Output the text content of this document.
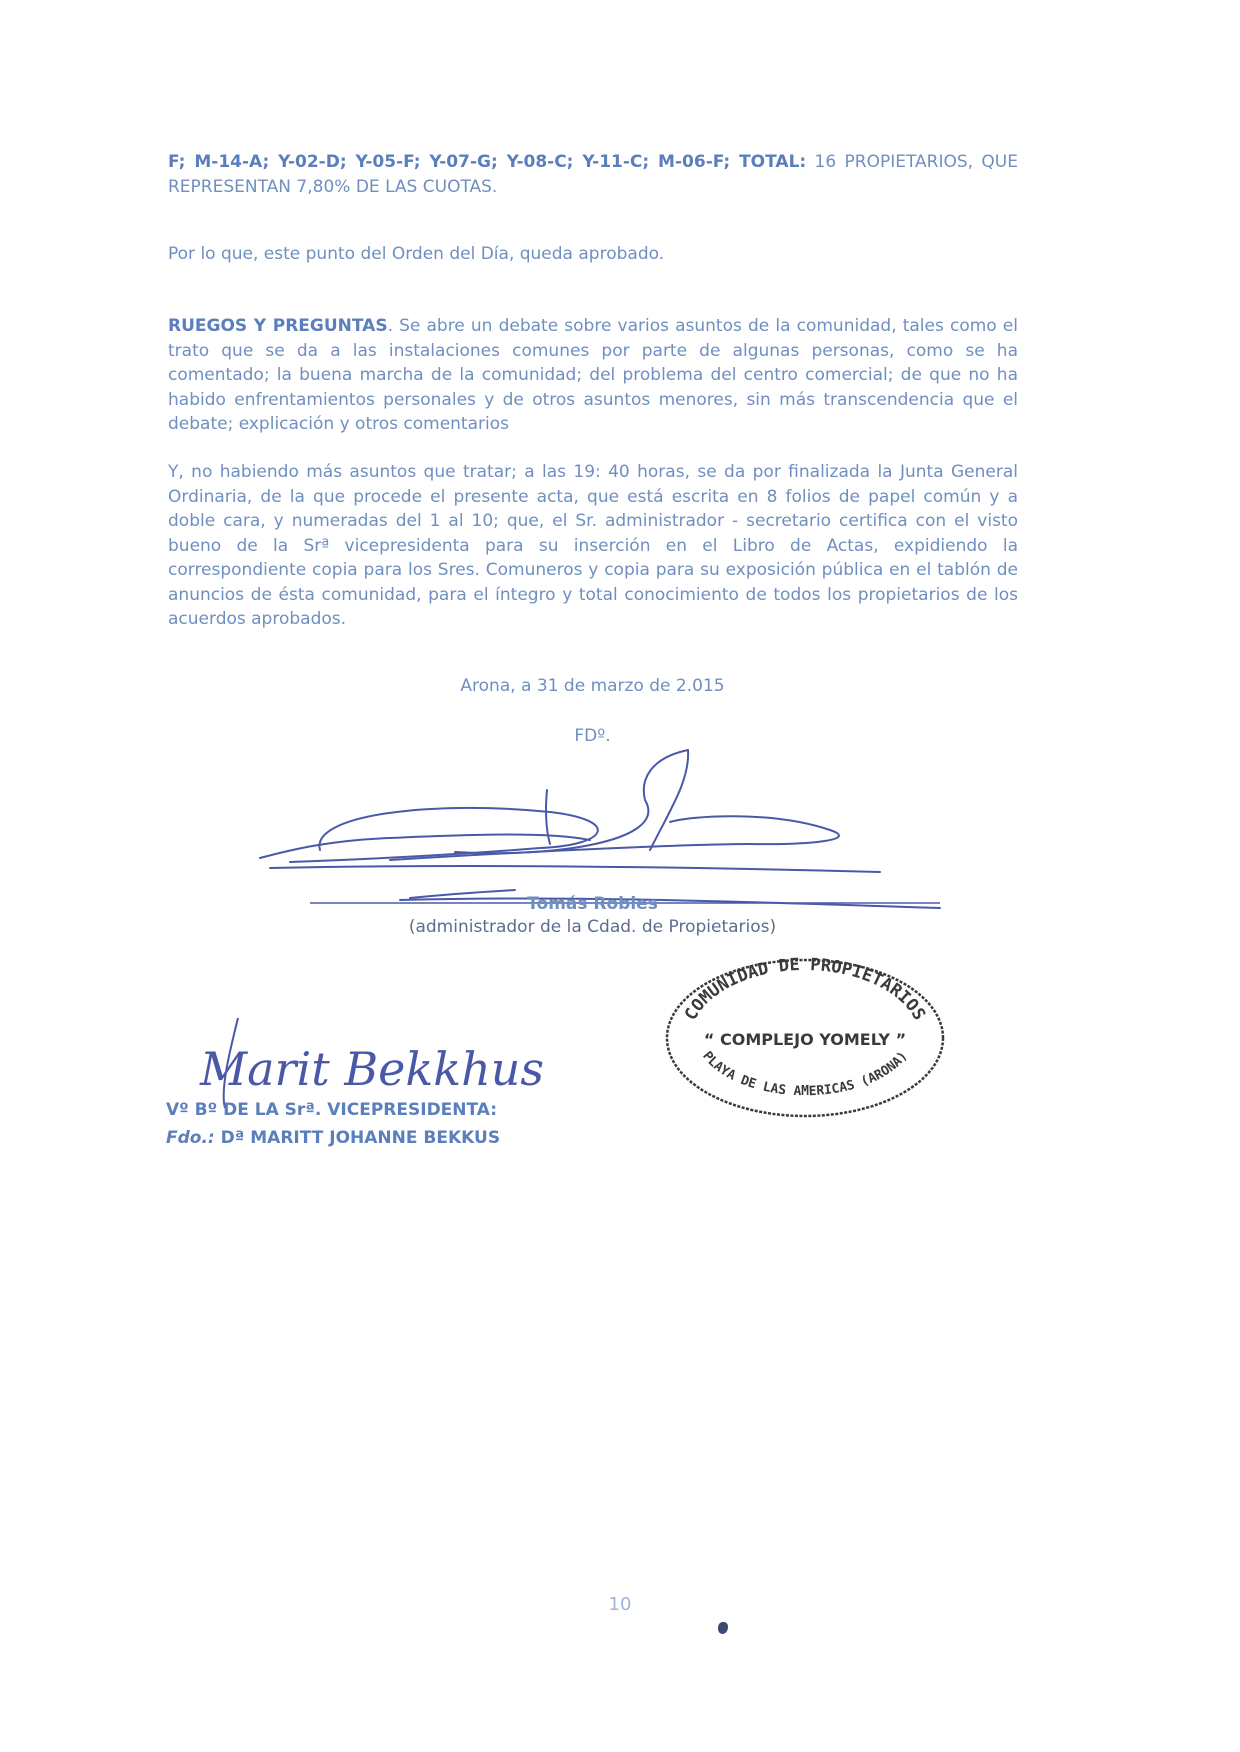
F; M-14-A; Y-02-D; Y-05-F; Y-07-G; Y-08-C; Y-11-C; M-06-F; TOTAL: 16 PROPIETARIOS, QUE REPRESENTAN 7,80% DE LAS CUOTAS.

Por lo que, este punto del Orden del Día, queda aprobado.

RUEGOS Y PREGUNTAS. Se abre un debate sobre varios asuntos de la comunidad, tales como el trato que se da a las instalaciones comunes por parte de algunas personas, como se ha comentado; la buena marcha de la comunidad; del problema del centro comercial; de que no ha habido enfrentamientos personales y de otros asuntos menores, sin más transcendencia que el debate; explicación y otros comentarios

Y, no habiendo más asuntos que tratar; a las 19: 40 horas, se da por finalizada la Junta General Ordinaria, de la que procede el presente acta, que está escrita en 8 folios de papel común y a doble cara, y numeradas del 1 al 10; que, el Sr. administrador - secretario certifica con el visto bueno de la Srª vicepresidenta para su inserción en el Libro de Actas, expidiendo la correspondiente copia para los Sres. Comuneros y copia para su exposición pública en el tablón de anuncios de ésta comunidad, para el íntegro y total conocimiento de todos los propietarios de los acuerdos aprobados.

Arona, a 31 de marzo de 2.015
FDº.
Tomás Robles
(administrador de la Cdad. de Propietarios)
COMUNIDAD DE PROPIETARIOS
“ COMPLEJO YOMELY ”
PLAYA DE LAS AMERICAS (ARONA)
Marit Bekkhus
Vº Bº DE LA Srª. VICEPRESIDENTA:
Fdo.: Dª MARITT JOHANNE BEKKUS
10
